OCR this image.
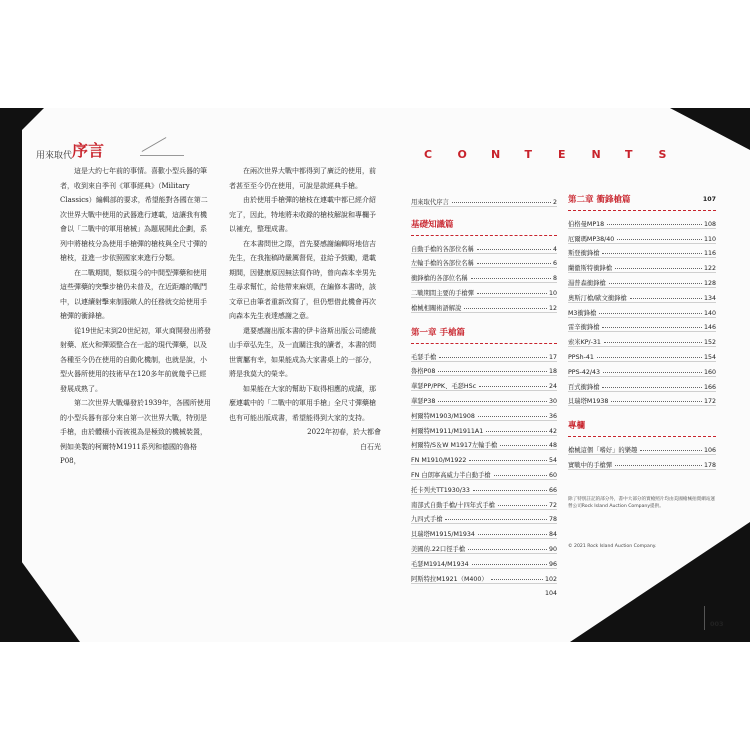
用來取代序言	C O N T E N T S

這是大約七年前的事情。喜歡小型兵器的筆者，收到來自季刊《軍事經典》（Military Classics）編輯部的要求，希望能對各國在第二次世界大戰中使用的武器進行連載，這讓我有機會以「二戰中的軍用槍械」為題展開此企劃，系列中將槍枝分為使用手槍彈的槍枝與全尺寸彈的槍枝，並進一步依照國家來進行分類。

在二戰期間，類似現今的中間型彈藥和使用這些彈藥的突擊步槍仍未普及，在近距離的戰鬥中，以連續射擊來制服敵人的任務就交給使用手槍彈的衝鋒槍。

從19世紀末到20世紀初，軍火商開發出將發射藥、底火和彈頭整合在一起的現代彈藥，以及各種至今仍在使用的自動化機制，也就是說，小型火器所使用的技術早在120多年前就幾乎已經發展成熟了。

第二次世界大戰爆發於1939年，各國所使用的小型兵器有部分來自第一次世界大戰，特別是手槍，由於體積小而被視為是極致的機械裝置，例如美製的柯爾特M1911系列和德國的魯格 P08，

在兩次世界大戰中都得到了廣泛的使用，前者甚至至今仍在使用，可說是款經典手槍。

由於使用手槍彈的槍枝在連載中都已經介紹完了，因此，特地將未收錄的槍枝解說和專欄予以補充，整理成書。

在本書問世之際，首先要感謝編輯呀地信吉先生，在我拖稿時嚴厲督促，並給予鼓勵，還載期間，因健康原因無法寫作時，曾向森本幸男先生尋求幫忙，給他帶來麻煩，在編修本書時，該文章已由筆者重新改寫了，但仍想借此機會再次向森本先生表達感謝之意。

還要感謝出版本書的伊卡洛斯出版公司總裁山手章弘先生，及一直關注我的讀者，本書的問世實屬有幸，如果能成為大家書桌上的一部分，將是我莫大的榮幸。

如果能在大家的幫助下取得相應的成績，那麼連載中的「二戰中的軍用手槍」全尺寸彈藥槍也有可能出版成書，希望能得到大家的支持。

2022年初春，於大都會

白石光

用來取代序言	2
基礎知識篇
自動手槍的各部位名稱	4
左輪手槍的各部位名稱	6
衝鋒槍的各部位名稱	8
二戰期間主要的手槍彈	10
槍械相關術語解說	12
第一章 手槍篇
毛瑟手槍	17
魯格P08	18
華瑟PP/PPK、毛瑟HSc	24
華瑟P38	30
柯爾特M1903/M1908	36
柯爾特M1911/M1911A1	42
柯爾特/S＆W M1917左輪手槍	48
FN M1910/M1922	54
FN 白朗寧高威力半自動手槍	60
托卡列夫TT1930/33	66
南部式自動手槍/十四年式手槍	72
九四式手槍	78
貝瑞塔M1915/M1934	84
美國的.22口徑手槍	90
毛瑟M1914/M1934	96
阿斯特拉M1921（M400）	102
104
第二章 衝鋒槍篇	107
伯格曼MP18	108
厄爾瑪MP38/40	110
斯登衝鋒槍	116
蘭徹斯特衝鋒槍	122
湯普森衝鋒槍	128
奧斯汀槍/歐文衝鋒槍	134
M3衝鋒槍	140
雷辛衝鋒槍	146
索米KP/-31	152
PPSh-41	154
PPS-42/43	160
百式衝鋒槍	166
貝瑞塔M1938	172
專欄
槍械這個「嗜好」的樂趣	106
實戰中的手槍彈	178
除了特別註記的部分外，書中大部分的實槍照片均由美國槍械拍賣網站運營公司Rock Island Auction Company提供。
© 2021 Rock Island Auction Company.
003
